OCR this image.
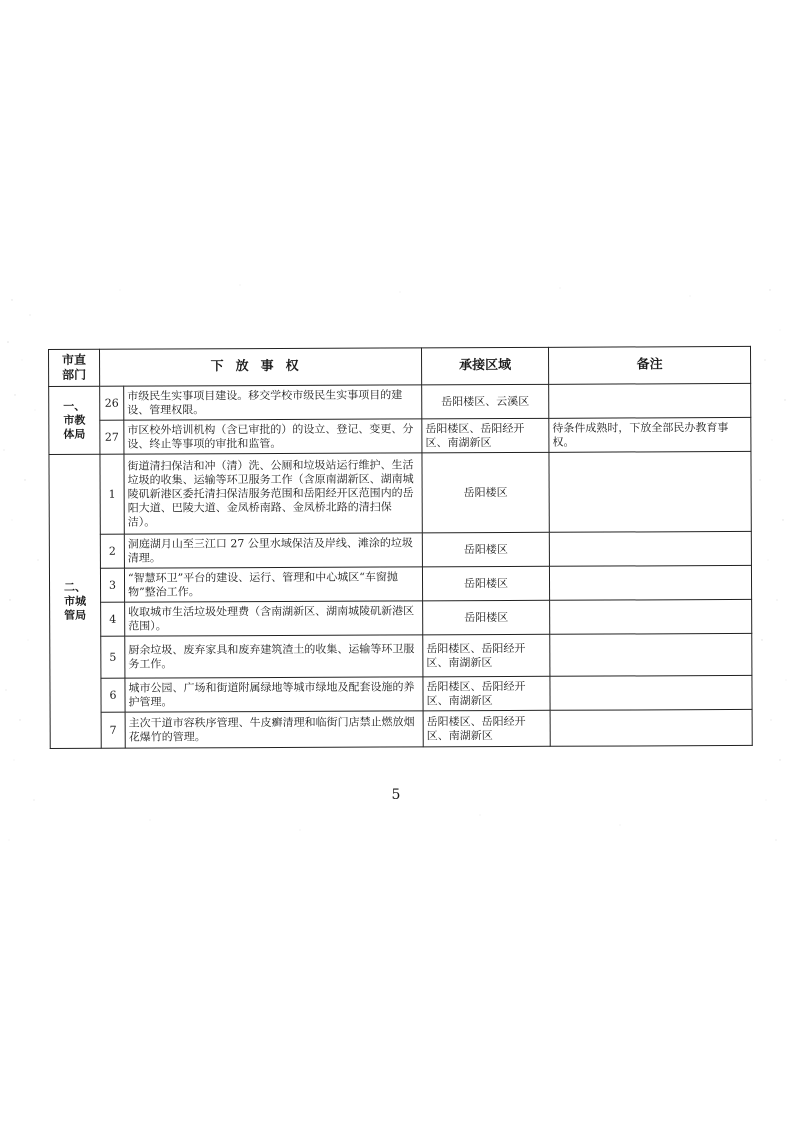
市直
部门	下放事权		承接区域	备注
一、
市教
体局	26	市级民生实事项目建设。移交学校市级民生实事项目的建设、管理权限。	岳阳楼区、云溪区	
	27	市区校外培训机构（含已审批的）的设立、登记、变更、分设、终止等事项的审批和监管。	岳阳楼区、岳阳经开区、南湖新区	待条件成熟时，下放全部民办教育事权。
二、
市城
管局	1	街道清扫保洁和冲（清）洗、公厕和垃圾站运行维护、生活垃圾的收集、运输等环卫服务工作（含原南湖新区、湖南城陵矶新港区委托清扫保洁服务范围和岳阳经开区范围内的岳阳大道、巴陵大道、金凤桥南路、金凤桥北路的清扫保洁）。	岳阳楼区	
	2	洞庭湖月山至三江口 27 公里水域保洁及岸线、滩涂的垃圾清理。	岳阳楼区	
	3	“智慧环卫”平台的建设、运行、管理和中心城区“车窗抛物”整治工作。	岳阳楼区	
	4	收取城市生活垃圾处理费（含南湖新区、湖南城陵矶新港区范围）。	岳阳楼区	
	5	厨余垃圾、废弃家具和废弃建筑渣土的收集、运输等环卫服务工作。	岳阳楼区、岳阳经开区、南湖新区	
	6	城市公园、广场和街道附属绿地等城市绿地及配套设施的养护管理。	岳阳楼区、岳阳经开区、南湖新区	
	7	主次干道市容秩序管理、牛皮癣清理和临街门店禁止燃放烟花爆竹的管理。	岳阳楼区、岳阳经开区、南湖新区	
5
